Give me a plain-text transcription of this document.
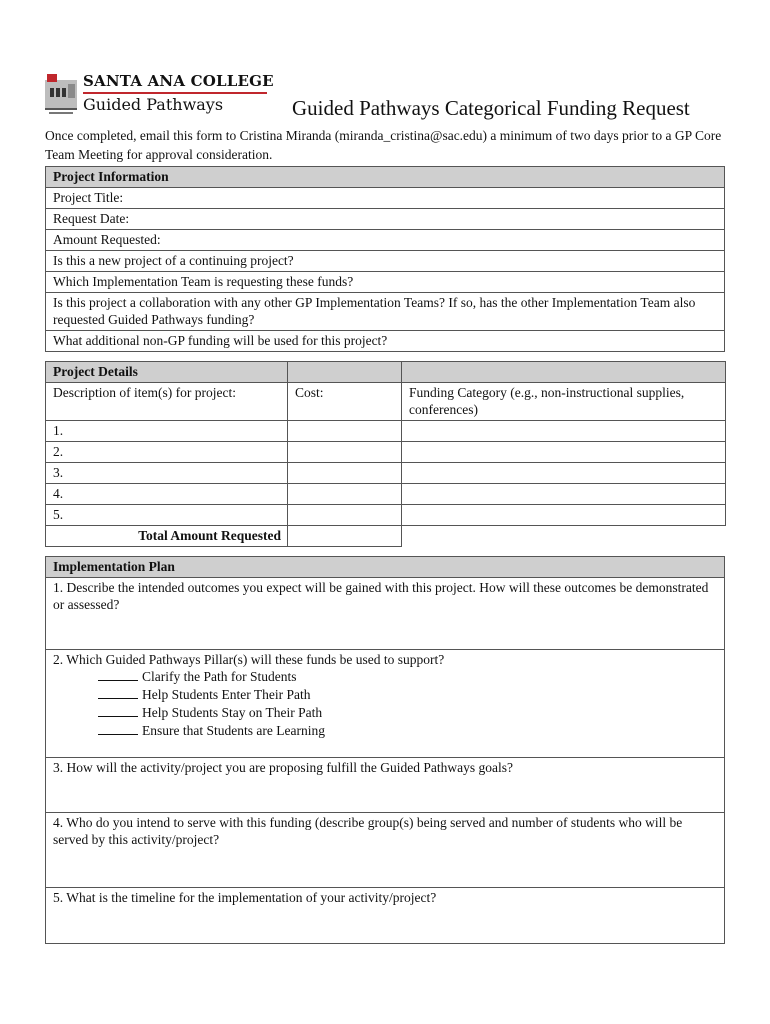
SANTA ANA COLLEGE
Guided Pathways	Guided Pathways Categorical Funding Request
Once completed, email this form to Cristina Miranda (miranda_cristina@sac.edu) a minimum of two days prior to a GP Core Team Meeting for approval consideration.
Project Information
Project Title:
Request Date:
Amount Requested:
Is this a new project of a continuing project?
Which Implementation Team is requesting these funds?
Is this project a collaboration with any other GP Implementation Teams? If so, has the other Implementation Team also requested Guided Pathways funding?
What additional non-GP funding will be used for this project?
Project Details		
Description of item(s) for project:	Cost:	Funding Category (e.g., non-instructional supplies, conferences)
1.		
2.		
3.		
4.		
5.		
Total Amount Requested		
Implementation Plan
1. Describe the intended outcomes you expect will be gained with this project. How will these outcomes be demonstrated or assessed?
2. Which Guided Pathways Pillar(s) will these funds be used to support?
Clarify the Path for Students
Help Students Enter Their Path
Help Students Stay on Their Path
Ensure that Students are Learning

3. How will the activity/project you are proposing fulfill the Guided Pathways goals?
4. Who do you intend to serve with this funding (describe group(s) being served and number of students who will be served by this activity/project?
5. What is the timeline for the implementation of your activity/project?
